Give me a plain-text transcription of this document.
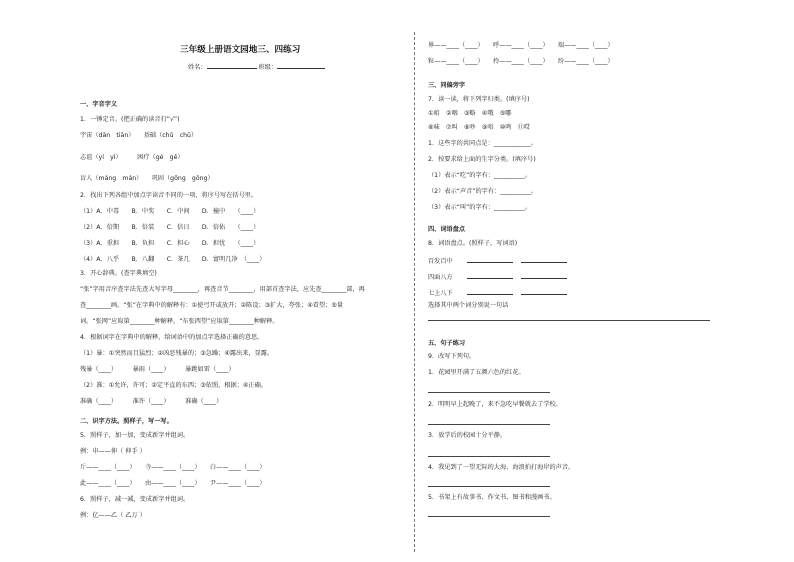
三年级上册语文园地三、四练习
姓名：	班级：
一、字音字义
1．一锤定音。(把正确的读音打“√”)
宇宙（dān　tiān）　　基础（chǔ　chū）
志谊（yí　yì）　　　困疗（gé　gē）
盲人（máng　mán）　　巩固（gōng　gǒng）
2．找出下列各组中加点字读音不同的一项，将序号写在括号里。
（1）A．中毒　　B．中奖　　C．中间　　D．撞中　　（____）
（2）A．倍期　　B．倍装　　C．倍日　　D．倍佑　　（____）
（3）A．重担　　B．负担　　C．担心　　D．担忧　　（____）
（4）A．八乎　　B．八翻　　C．茶几　　D．富明几净　（____）
3．开心辞典。(查字典填空)
“张”字用音序查字法先查大写字母________，再查音节________，用部首查字法，应先查________部，再
查________画。“张”在字典中的解释有：①使弓开或放开；②陈设；③扩大，夸张；④看望；⑤量
词。“张网”应取第________种解释，“东张西望”应取第________种解释。
4．根据词字在字典中的解释，给词语中的加点字选择正确的意思。
（1）暴：①突然而且猛烈；②凶恶残暴的；③急躁；④露出来，显露。
残暴（____）　　　暴雨（____）　　　暴跳如雷（____）
（2）准：①允许，许可；②定平直的东西；③依照，根据；④正确。
准确（____）　　　准许（____）　　　准确（____）
二、识字方法。照样子，写一写。
5．照样子，加一加，变成新字并组词。
例：申——伸（ 伸手 ）
斤——____（____）　　寺——____（____）　　白——____（____）
此——____（____）　　由——____（____）　　尹——____（____）
6．照样子，减一减，变成新字并组词。
例：亿——乙（ 乙万 ）
界——____（____）　　呼——____（____）　　瑞——____（____）
粒——____（____）　　拎——____（____）　　纷——____（____）
三、同偏旁字
7．读一读，将下列字归类。(填序号)
①咱　②咽　③略　④哦　⑤哪
⑥味　⑦叫　⑧吵　⑨唔　⑩鸣　⑪哎
1．这些字的共同点是：____________。
2．按要求给上面的生字分类。(填序号)
（1）表示“吃”的字有：__________。
（2）表示“声音”的字有：__________。
（3）表示“叫”的字有：__________。
四、词语盘点
8．词语盘点。(照样子，写词语)
百发百中
四面八方
七上八下
选择其中两个词分别说一句话
五、句子练习
9．改写下列句。
1．花园里开满了五颜六色的红花。
2．明明早上起晚了，来不急吃早餐就去了学校。
3．放学后的校园十分平静。
4．我见到了一望无际的大海，海浪拍打海岸的声音。
5．书架上有故事书、作文书、图书和漫画书。
